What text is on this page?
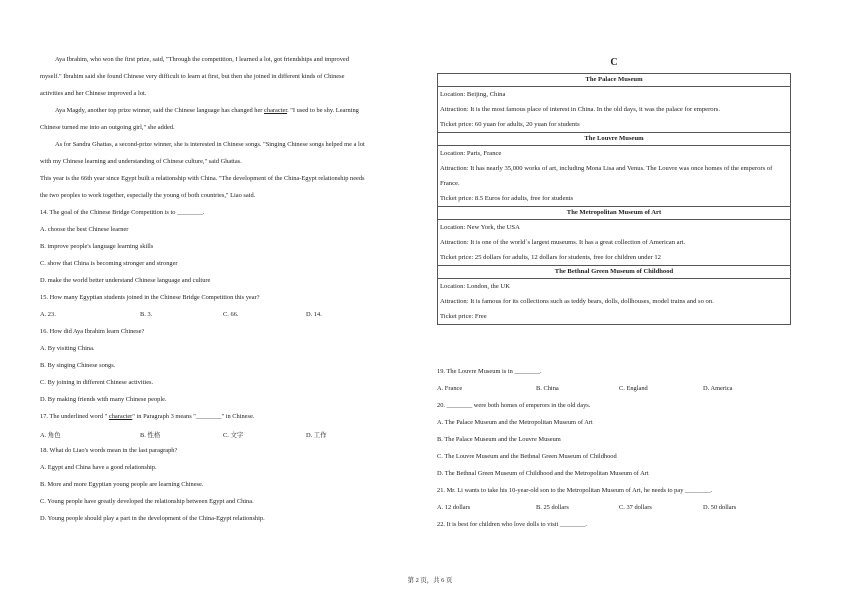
Aya Ibrahim, who won the first prize, said, "Through the competition, I learned a lot, got friendships and improved

myself." Ibrahim said she found Chinese very difficult to learn at first, but then she joined in different kinds of Chinese

activities and her Chinese improved a lot.

Aya Magdy, another top prize winner, said the Chinese language has changed her character. "I used to be shy. Learning

Chinese turned me into an outgoing girl," she added.

As for Sandra Ghattas, a second-prize winner, she is interested in Chinese songs. "Singing Chinese songs helped me a lot

with my Chinese learning and understanding of Chinese culture," said Ghattas.

This year is the 66th year since Egypt built a relationship with China. "The development of the China-Egypt relationship needs

the two peoples to work together, especially the young of both countries," Liao said.

14. The goal of the Chinese Bridge Competition is to ________.

A. choose the best Chinese learner

B. improve people's language learning skills

C. show that China is becoming stronger and stronger

D. make the world better understand Chinese language and culture

15. How many Egyptian students joined in the Chinese Bridge Competition this year?

A. 23.	B. 3.	C. 66.	D. 14.

16. How did Aya Ibrahim learn Chinese?

A. By visiting China.

B. By singing Chinese songs.

C. By joining in different Chinese activities.

D. By making friends with many Chinese people.

17. The underlined word " character" in Paragraph 3 means "________" in Chinese.

A. 角色	B. 性格	C. 文字	D. 工作

18. What do Liao's words mean in the last paragraph?

A. Egypt and China have a good relationship.

B. More and more Egyptian young people are learning Chinese.

C. Young people have greatly developed the relationship between Egypt and China.

D. Young people should play a part in the development of the China-Egypt relationship.

C
The Palace Museum

Location: Beijing, China
Attraction: It is the most famous place of interest in China. In the old days, it was the palace for emperors.
Ticket price: 60 yuan for adults, 20 yuan for students

The Louvre Museum

Location: Paris, France
Attraction: It has nearly 35,000 works of art, including Mona Lisa and Venus. The Louvre was once homes of the emperors of France.
Ticket price: 8.5 Euros for adults, free for students

The Metropolitan Museum of Art

Location: New York, the USA
Attraction: It is one of the world`s largest museums. It has a great collection of American art.
Ticket price: 25 dollars for adults, 12 dollars for students, free for children under 12

The Bethnal Green Museum of Childhood

Location: London, the UK
Attraction: It is famous for its collections such as teddy bears, dolls, dollhouses, model trains and so on.
Ticket price: Free

19. The Louvre Museum is in ________.

A. France	B. China	C. England	D. America

20. ________ were both homes of emperors in the old days.

A. The Palace Museum and the Metropolitan Museum of Art

B. The Palace Museum and the Louvre Museum

C. The Louvre Museum and the Bethnal Green Museum of Childhood

D. The Bethnal Green Museum of Childhood and the Metropolitan Museum of Art

21. Mr. Li wants to take his 10-year-old son to the Metropolitan Museum of Art, he needs to pay ________.

A. 12 dollars	B. 25 dollars	C. 37 dollars	D. 50 dollars

22. It is best for children who love dolls to visit ________.

第 2 页，共 6 页
